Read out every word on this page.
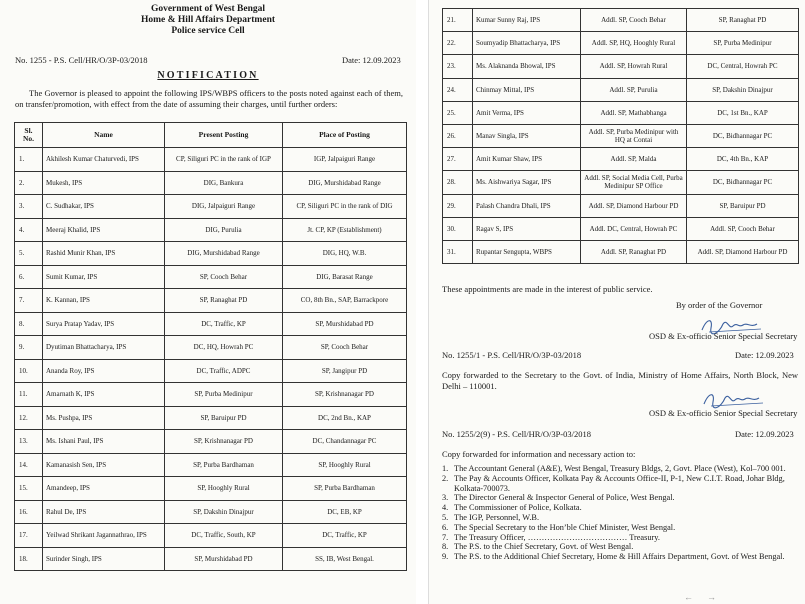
Government of West Bengal
Home & Hill Affairs Department
Police service Cell
No. 1255 - P.S. Cell/HR/O/3P-03/2018	Date: 12.09.2023
NOTIFICATION
The Governor is pleased to appoint the following IPS/WBPS officers to the posts noted against each of them, on transfer/promotion, with effect from the date of assuming their charges, until further orders:
Sl. No.	Name	Present Posting	Place of Posting
1.	Akhilesh Kumar Chaturvedi, IPS	CP, Siliguri PC in the rank of IGP	IGP, Jalpaiguri Range
2.	Mukesh, IPS	DIG, Bankura	DIG, Murshidabad Range
3.	C. Sudhakar, IPS	DIG, Jalpaiguri Range	CP, Siliguri PC in the rank of DIG
4.	Meeraj Khalid, IPS	DIG, Purulia	Jt. CP, KP (Establishment)
5.	Rashid Munir Khan, IPS	DIG, Murshidabad Range	DIG, HQ, W.B.
6.	Sumit Kumar, IPS	SP, Cooch Behar	DIG, Barasat Range
7.	K. Kannan, IPS	SP, Ranaghat PD	CO, 8th Bn., SAP, Barrackpore
8.	Surya Pratap Yadav, IPS	DC, Traffic, KP	SP, Murshidabad PD
9.	Dyutiman Bhattacharya, IPS	DC, HQ, Howrah PC	SP, Cooch Behar
10.	Ananda Roy, IPS	DC, Traffic, ADPC	SP, Jangipur PD
11.	Amarnath K, IPS	SP, Purba Medinipur	SP, Krishnanagar PD
12.	Ms. Pushpa, IPS	SP, Baruipur PD	DC, 2nd Bn., KAP
13.	Ms. Ishani Paul, IPS	SP, Krishnanagar PD	DC, Chandannagar PC
14.	Kamanasish Sen, IPS	SP, Purba Bardhaman	SP, Hooghly Rural
15.	Amandeep, IPS	SP, Hooghly Rural	SP, Purba Bardhaman
16.	Rahul De, IPS	SP, Dakshin Dinajpur	DC, EB, KP
17.	Yeilwad Shrikant Jagannathrao, IPS	DC, Traffic, South, KP	DC, Traffic, KP
18.	Surinder Singh, IPS	SP, Murshidabad PD	SS, IB, West Bengal.
21.	Kumar Sunny Raj, IPS	Addl. SP, Cooch Behar	SP, Ranaghat PD
22.	Soumyadip Bhattacharya, IPS	Addl. SP, HQ, Hooghly Rural	SP, Purba Medinipur
23.	Ms. Alaknanda Bhowal, IPS	Addl. SP, Howrah Rural	DC, Central, Howrah PC
24.	Chinmay Mittal, IPS	Addl. SP, Purulia	SP, Dakshin Dinajpur
25.	Amit Verma, IPS	Addl. SP, Mathabhanga	DC, 1st Bn., KAP
26.	Manav Singla, IPS	Addl. SP, Purba Medinipur with HQ at Contai	DC, Bidhannagar PC
27.	Amit Kumar Shaw, IPS	Addl. SP, Malda	DC, 4th Bn., KAP
28.	Ms. Aishwariya Sagar, IPS	Addl. SP, Social Media Cell, Purba Medinipur SP Office	DC, Bidhannagar PC
29.	Palash Chandra Dhali, IPS	Addl. SP, Diamond Harbour PD	SP, Baruipur PD
30.	Ragav S, IPS	Addl. DC, Central, Howrah PC	Addl. SP, Cooch Behar
31.	Rupantar Sengupta, WBPS	Addl. SP, Ranaghat PD	Addl. SP, Diamond Harbour PD
These appointments are made in the interest of public service.
By order of the Governor
OSD & Ex-officio Senior Special Secretary
No. 1255/1 - P.S. Cell/HR/O/3P-03/2018	Date: 12.09.2023
Copy forwarded to the Secretary to the Govt. of India, Ministry of Home Affairs, North Block, New Delhi – 110001.
OSD & Ex-officio Senior Special Secretary
No. 1255/2(9) - P.S. Cell/HR/O/3P-03/2018	Date: 12.09.2023
Copy forwarded for information and necessary action to:
1. The Accountant General (A&E), West Bengal, Treasury Bldgs, 2, Govt. Place (West), Kol–700 001.
2. The Pay & Accounts Officer, Kolkata Pay & Accounts Office-II, P-1, New C.I.T. Road, Johar Bldg, Kolkata-700073.
3. The Director General & Inspector General of Police, West Bengal.
4. The Commissioner of Police, Kolkata.
5. The IGP, Personnel, W.B.
6. The Special Secretary to the Hon’ble Chief Minister, West Bengal.
7. The Treasury Officer, ……………………………… Treasury.
8. The P.S. to the Chief Secretary, Govt. of West Bengal.
9. The P.S. to the Additional Chief Secretary, Home & Hill Affairs Department, Govt. of West Bengal.
←→
